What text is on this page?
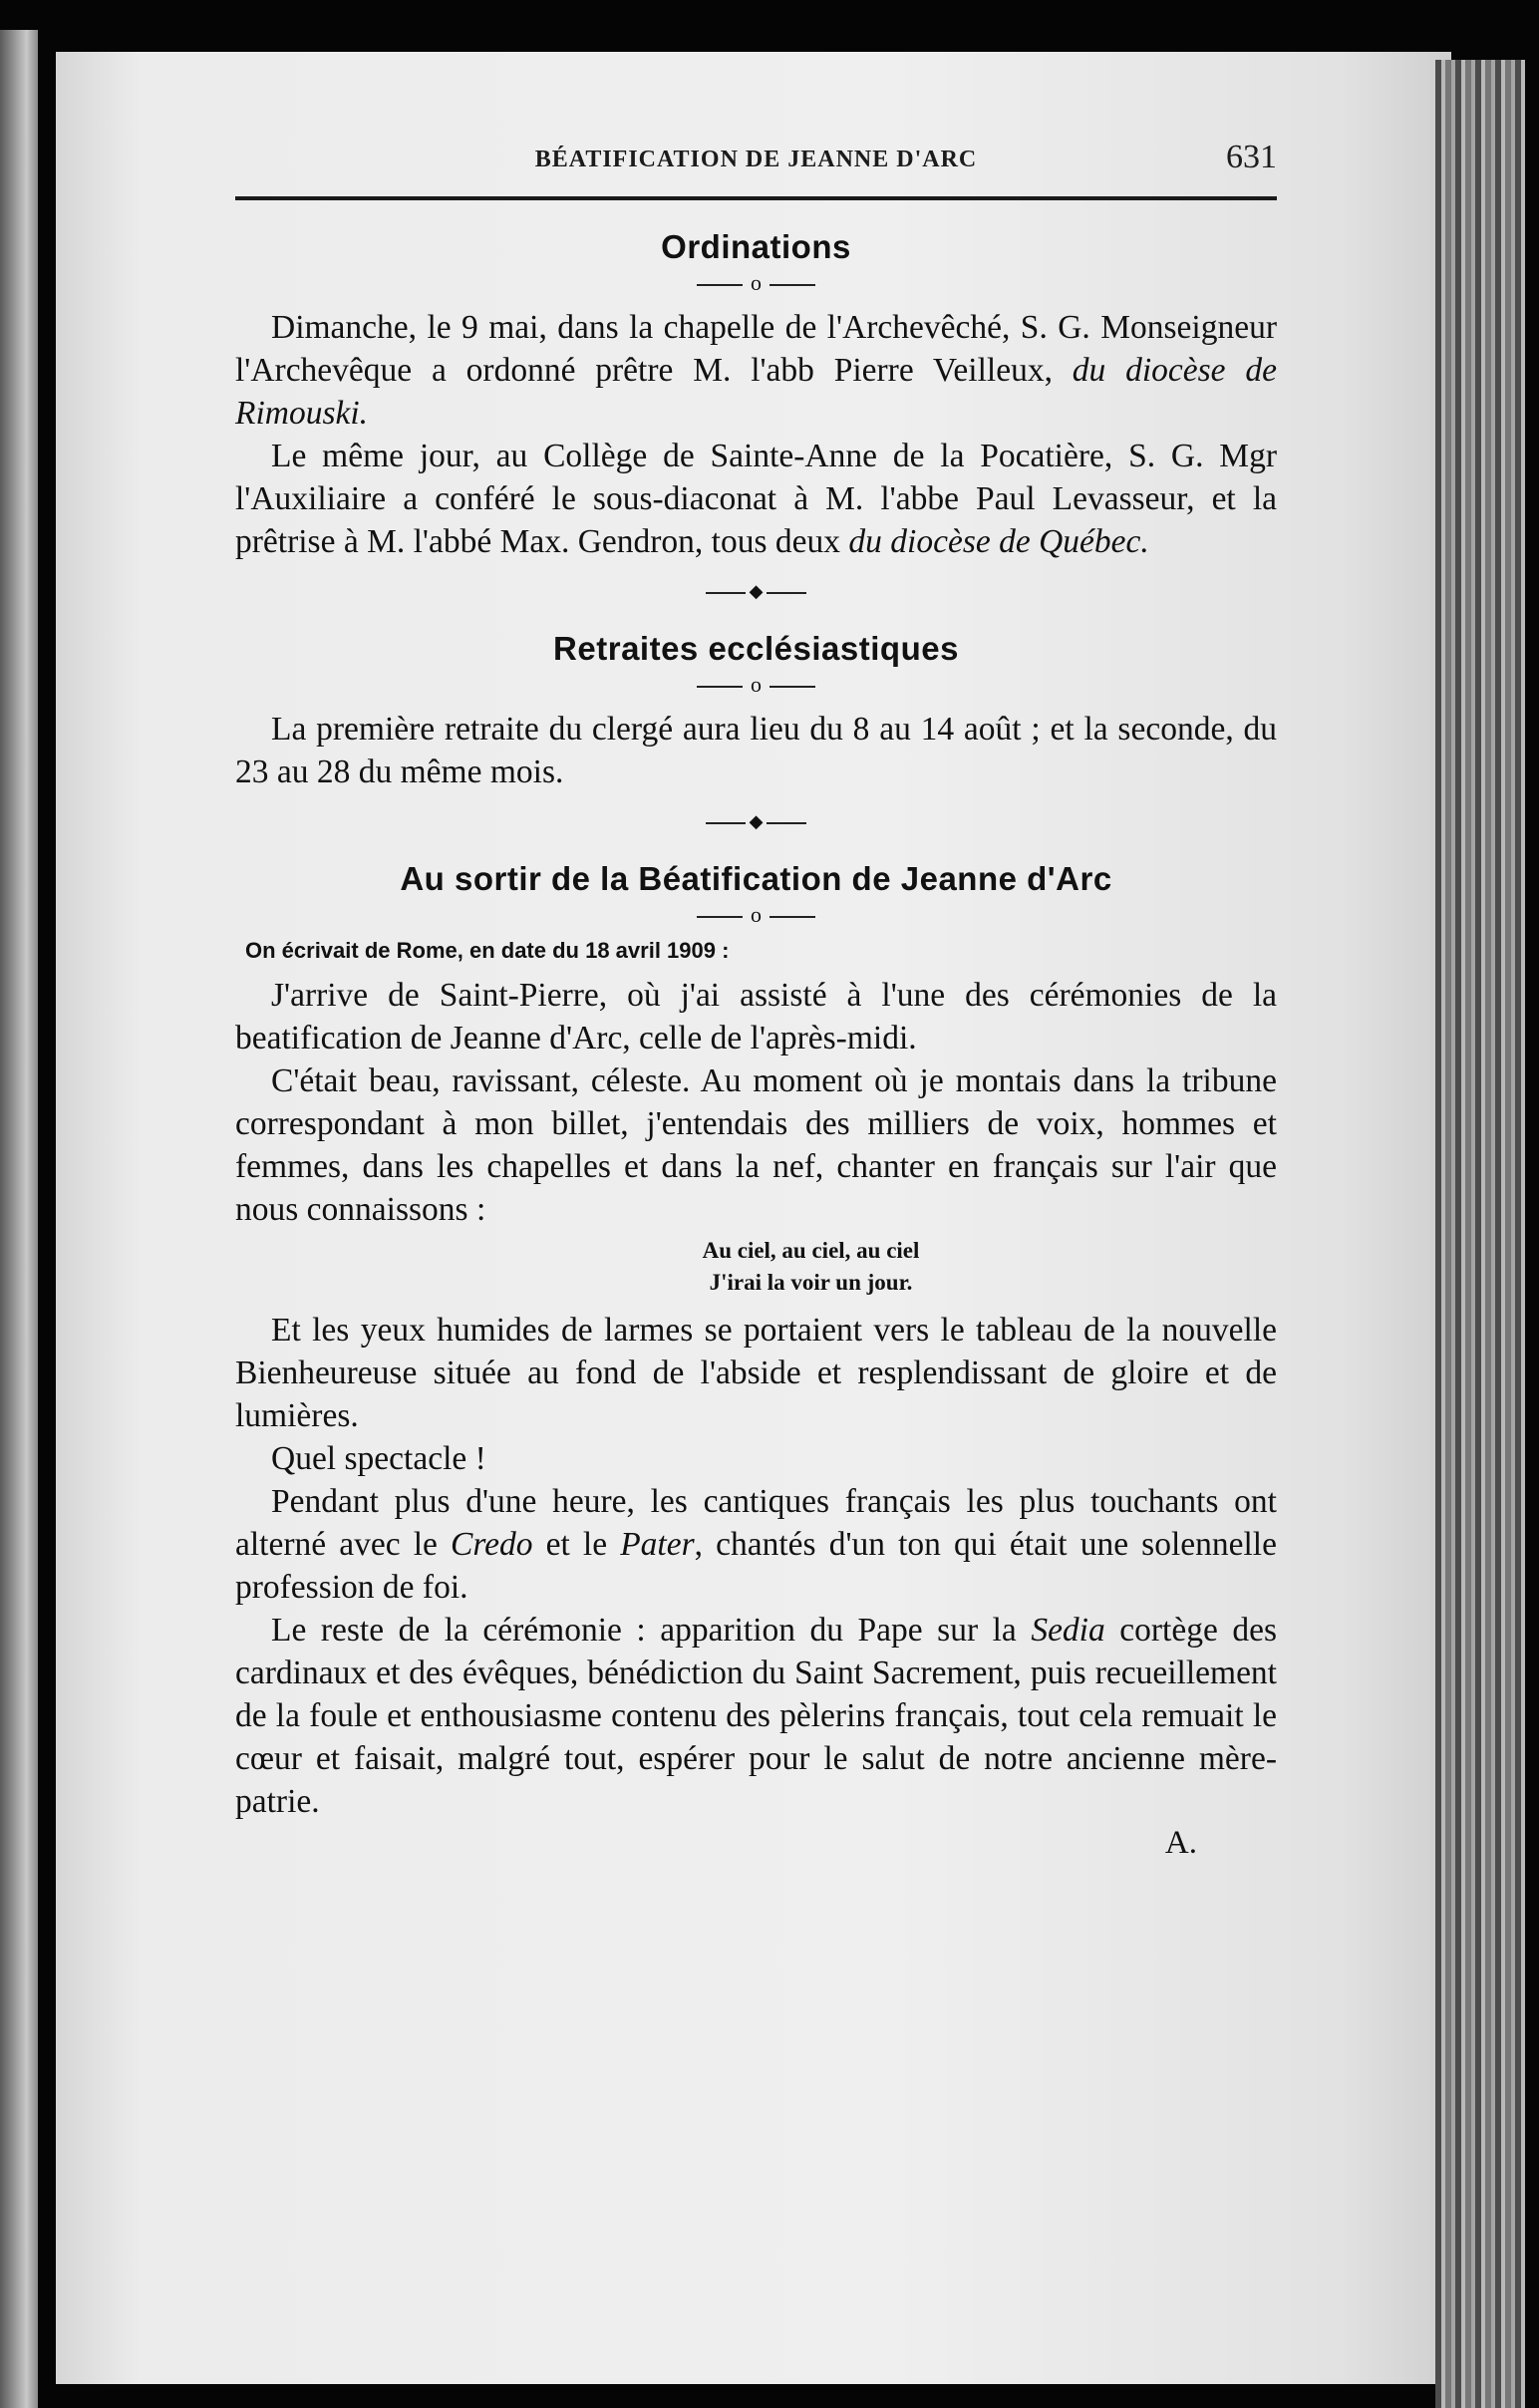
BÉATIFICATION DE JEANNE D'ARC	631
Ordinations
o

Dimanche, le 9 mai, dans la chapelle de l'Archevêché, S. G. Monseigneur l'Archevêque a ordonné prêtre M. l'abb Pierre Veilleux, du diocèse de Rimouski.

Le même jour, au Collège de Sainte-Anne de la Pocatière, S. G. Mgr l'Auxiliaire a conféré le sous-diaconat à M. l'abbe Paul Levasseur, et la prêtrise à M. l'abbé Max. Gendron, tous deux du diocèse de Québec.

◆
Retraites ecclésiastiques
o

La première retraite du clergé aura lieu du 8 au 14 août ; et la seconde, du 23 au 28 du même mois.

◆
Au sortir de la Béatification de Jeanne d'Arc
o
On écrivait de Rome, en date du 18 avril 1909 :

J'arrive de Saint-Pierre, où j'ai assisté à l'une des cérémonies de la beatification de Jeanne d'Arc, celle de l'après-midi.

C'était beau, ravissant, céleste. Au moment où je montais dans la tribune correspondant à mon billet, j'entendais des milliers de voix, hommes et femmes, dans les chapelles et dans la nef, chanter en français sur l'air que nous connaissons :

Au ciel, au ciel, au ciel
J'irai la voir un jour.

Et les yeux humides de larmes se portaient vers le tableau de la nouvelle Bienheureuse située au fond de l'abside et resplendissant de gloire et de lumières.

Quel spectacle !

Pendant plus d'une heure, les cantiques français les plus touchants ont alterné avec le Credo et le Pater, chantés d'un ton qui était une solennelle profession de foi.

Le reste de la cérémonie : apparition du Pape sur la Sedia cortège des cardinaux et des évêques, bénédiction du Saint Sacrement, puis recueillement de la foule et enthousiasme contenu des pèlerins français, tout cela remuait le cœur et faisait, malgré tout, espérer pour le salut de notre ancienne mère-patrie.

A.
